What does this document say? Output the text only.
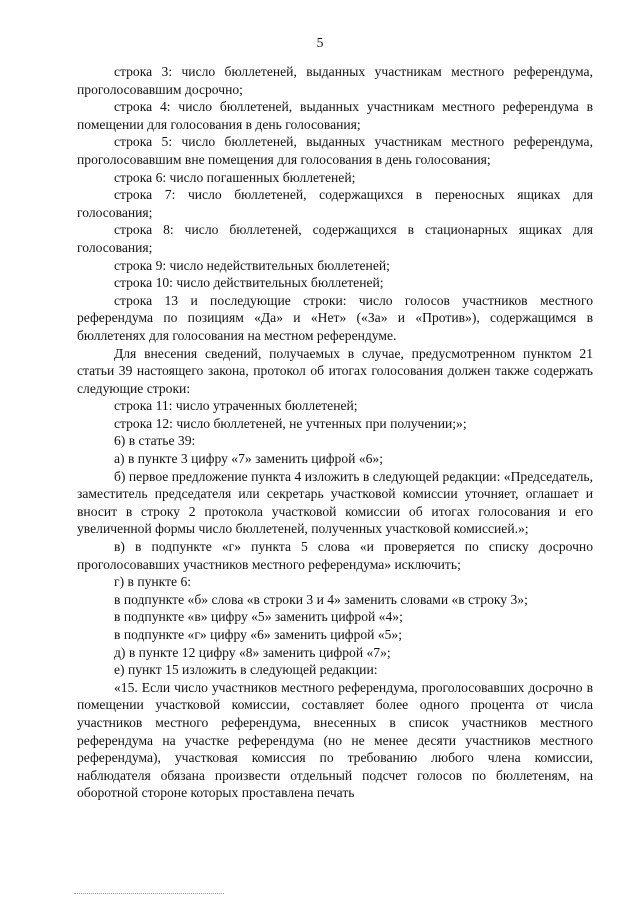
5

строка 3: число бюллетеней, выданных участникам местного референдума, проголосовавшим досрочно;

строка 4: число бюллетеней, выданных участникам местного референдума в помещении для голосования в день голосования;

строка 5: число бюллетеней, выданных участникам местного референдума, проголосовавшим вне помещения для голосования в день голосования;

строка 6: число погашенных бюллетеней;

строка 7: число бюллетеней, содержащихся в переносных ящиках для голосования;

строка 8: число бюллетеней, содержащихся в стационарных ящиках для голосования;

строка 9: число недействительных бюллетеней;

строка 10: число действительных бюллетеней;

строка 13 и последующие строки: число голосов участников местного референдума по позициям «Да» и «Нет» («За» и «Против»), содержащимся в бюллетенях для голосования на местном референдуме.

Для внесения сведений, получаемых в случае, предусмотренном пунктом 21 статьи 39 настоящего закона, протокол об итогах голосования должен также содержать следующие строки:

строка 11: число утраченных бюллетеней;

строка 12: число бюллетеней, не учтенных при получении;»;

6) в статье 39:

а) в пункте 3 цифру «7» заменить цифрой «6»;

б) первое предложение пункта 4 изложить в следующей редакции: «Председатель, заместитель председателя или секретарь участковой комиссии уточняет, оглашает и вносит в строку 2 протокола участковой комиссии об итогах голосования и его увеличенной формы число бюллетеней, полученных участковой комиссией.»;

в) в подпункте «г» пункта 5 слова «и проверяется по списку досрочно проголосовавших участников местного референдума» исключить;

г) в пункте 6:

в подпункте «б» слова «в строки 3 и 4» заменить словами «в строку 3»;

в подпункте «в» цифру «5» заменить цифрой «4»;

в подпункте «г» цифру «6» заменить цифрой «5»;

д) в пункте 12 цифру «8» заменить цифрой «7»;

е) пункт 15 изложить в следующей редакции:

«15. Если число участников местного референдума, проголосовавших досрочно в помещении участковой комиссии, составляет более одного процента от числа участников местного референдума, внесенных в список участников местного референдума на участке референдума (но не менее десяти участников местного референдума), участковая комиссия по требованию любого члена комиссии, наблюдателя обязана произвести отдельный подсчет голосов по бюллетеням, на оборотной стороне которых проставлена печать
